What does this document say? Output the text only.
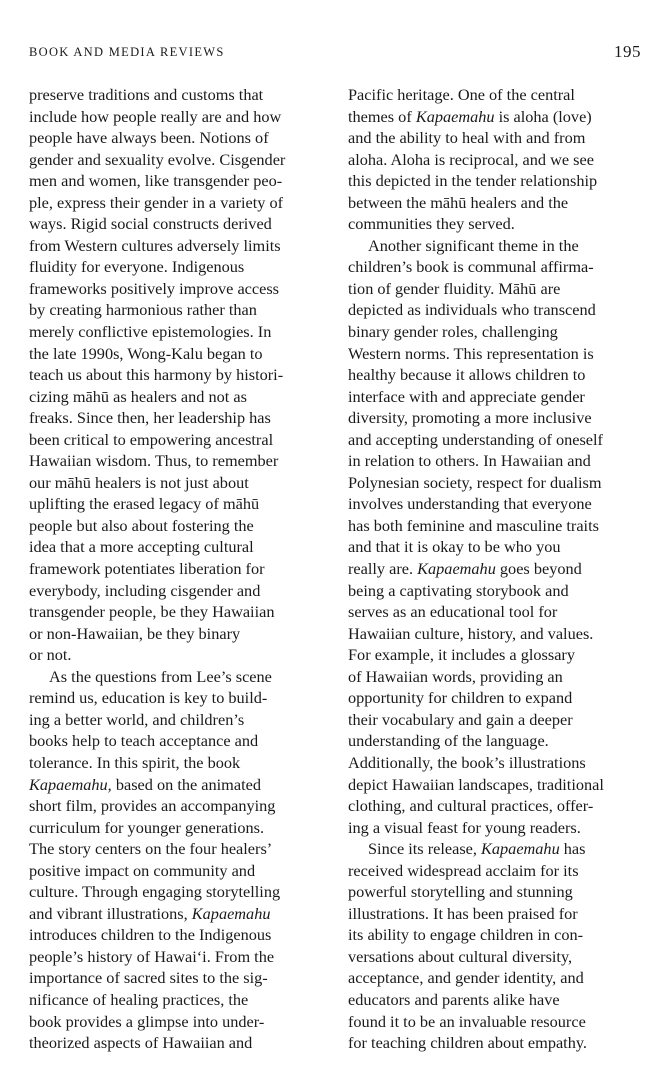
BOOK AND MEDIA REVIEWS	195
preserve traditions and customs that
include how people really are and how
people have always been. Notions of
gender and sexuality evolve. Cisgender
men and women, like transgender peo-
ple, express their gender in a variety of
ways. Rigid social constructs derived
from Western cultures adversely limits
fluidity for everyone. Indigenous
frameworks positively improve access
by creating harmonious rather than
merely conflictive epistemologies. In
the late 1990s, Wong-Kalu began to
teach us about this harmony by histori-
cizing māhū as healers and not as
freaks. Since then, her leadership has
been critical to empowering ancestral
Hawaiian wisdom. Thus, to remember
our māhū healers is not just about
uplifting the erased legacy of māhū
people but also about fostering the
idea that a more accepting cultural
framework potentiates liberation for
everybody, including cisgender and
transgender people, be they Hawaiian
or non-Hawaiian, be they binary
or not.
As the questions from Lee’s scene
remind us, education is key to build-
ing a better world, and children’s
books help to teach acceptance and
tolerance. In this spirit, the book
Kapaemahu, based on the animated
short film, provides an accompanying
curriculum for younger generations.
The story centers on the four healers’
positive impact on community and
culture. Through engaging storytelling
and vibrant illustrations, Kapaemahu
introduces children to the Indigenous
people’s history of Hawai‘i. From the
importance of sacred sites to the sig-
nificance of healing practices, the
book provides a glimpse into under-
theorized aspects of Hawaiian and
Pacific heritage. One of the central
themes of Kapaemahu is aloha (love)
and the ability to heal with and from
aloha. Aloha is reciprocal, and we see
this depicted in the tender relationship
between the māhū healers and the
communities they served.
Another significant theme in the
children’s book is communal affirma-
tion of gender fluidity. Māhū are
depicted as individuals who transcend
binary gender roles, challenging
Western norms. This representation is
healthy because it allows children to
interface with and appreciate gender
diversity, promoting a more inclusive
and accepting understanding of oneself
in relation to others. In Hawaiian and
Polynesian society, respect for dualism
involves understanding that everyone
has both feminine and masculine traits
and that it is okay to be who you
really are. Kapaemahu goes beyond
being a captivating storybook and
serves as an educational tool for
Hawaiian culture, history, and values.
For example, it includes a glossary
of Hawaiian words, providing an
opportunity for children to expand
their vocabulary and gain a deeper
understanding of the language.
Additionally, the book’s illustrations
depict Hawaiian landscapes, traditional
clothing, and cultural practices, offer-
ing a visual feast for young readers.
Since its release, Kapaemahu has
received widespread acclaim for its
powerful storytelling and stunning
illustrations. It has been praised for
its ability to engage children in con-
versations about cultural diversity,
acceptance, and gender identity, and
educators and parents alike have
found it to be an invaluable resource
for teaching children about empathy.
